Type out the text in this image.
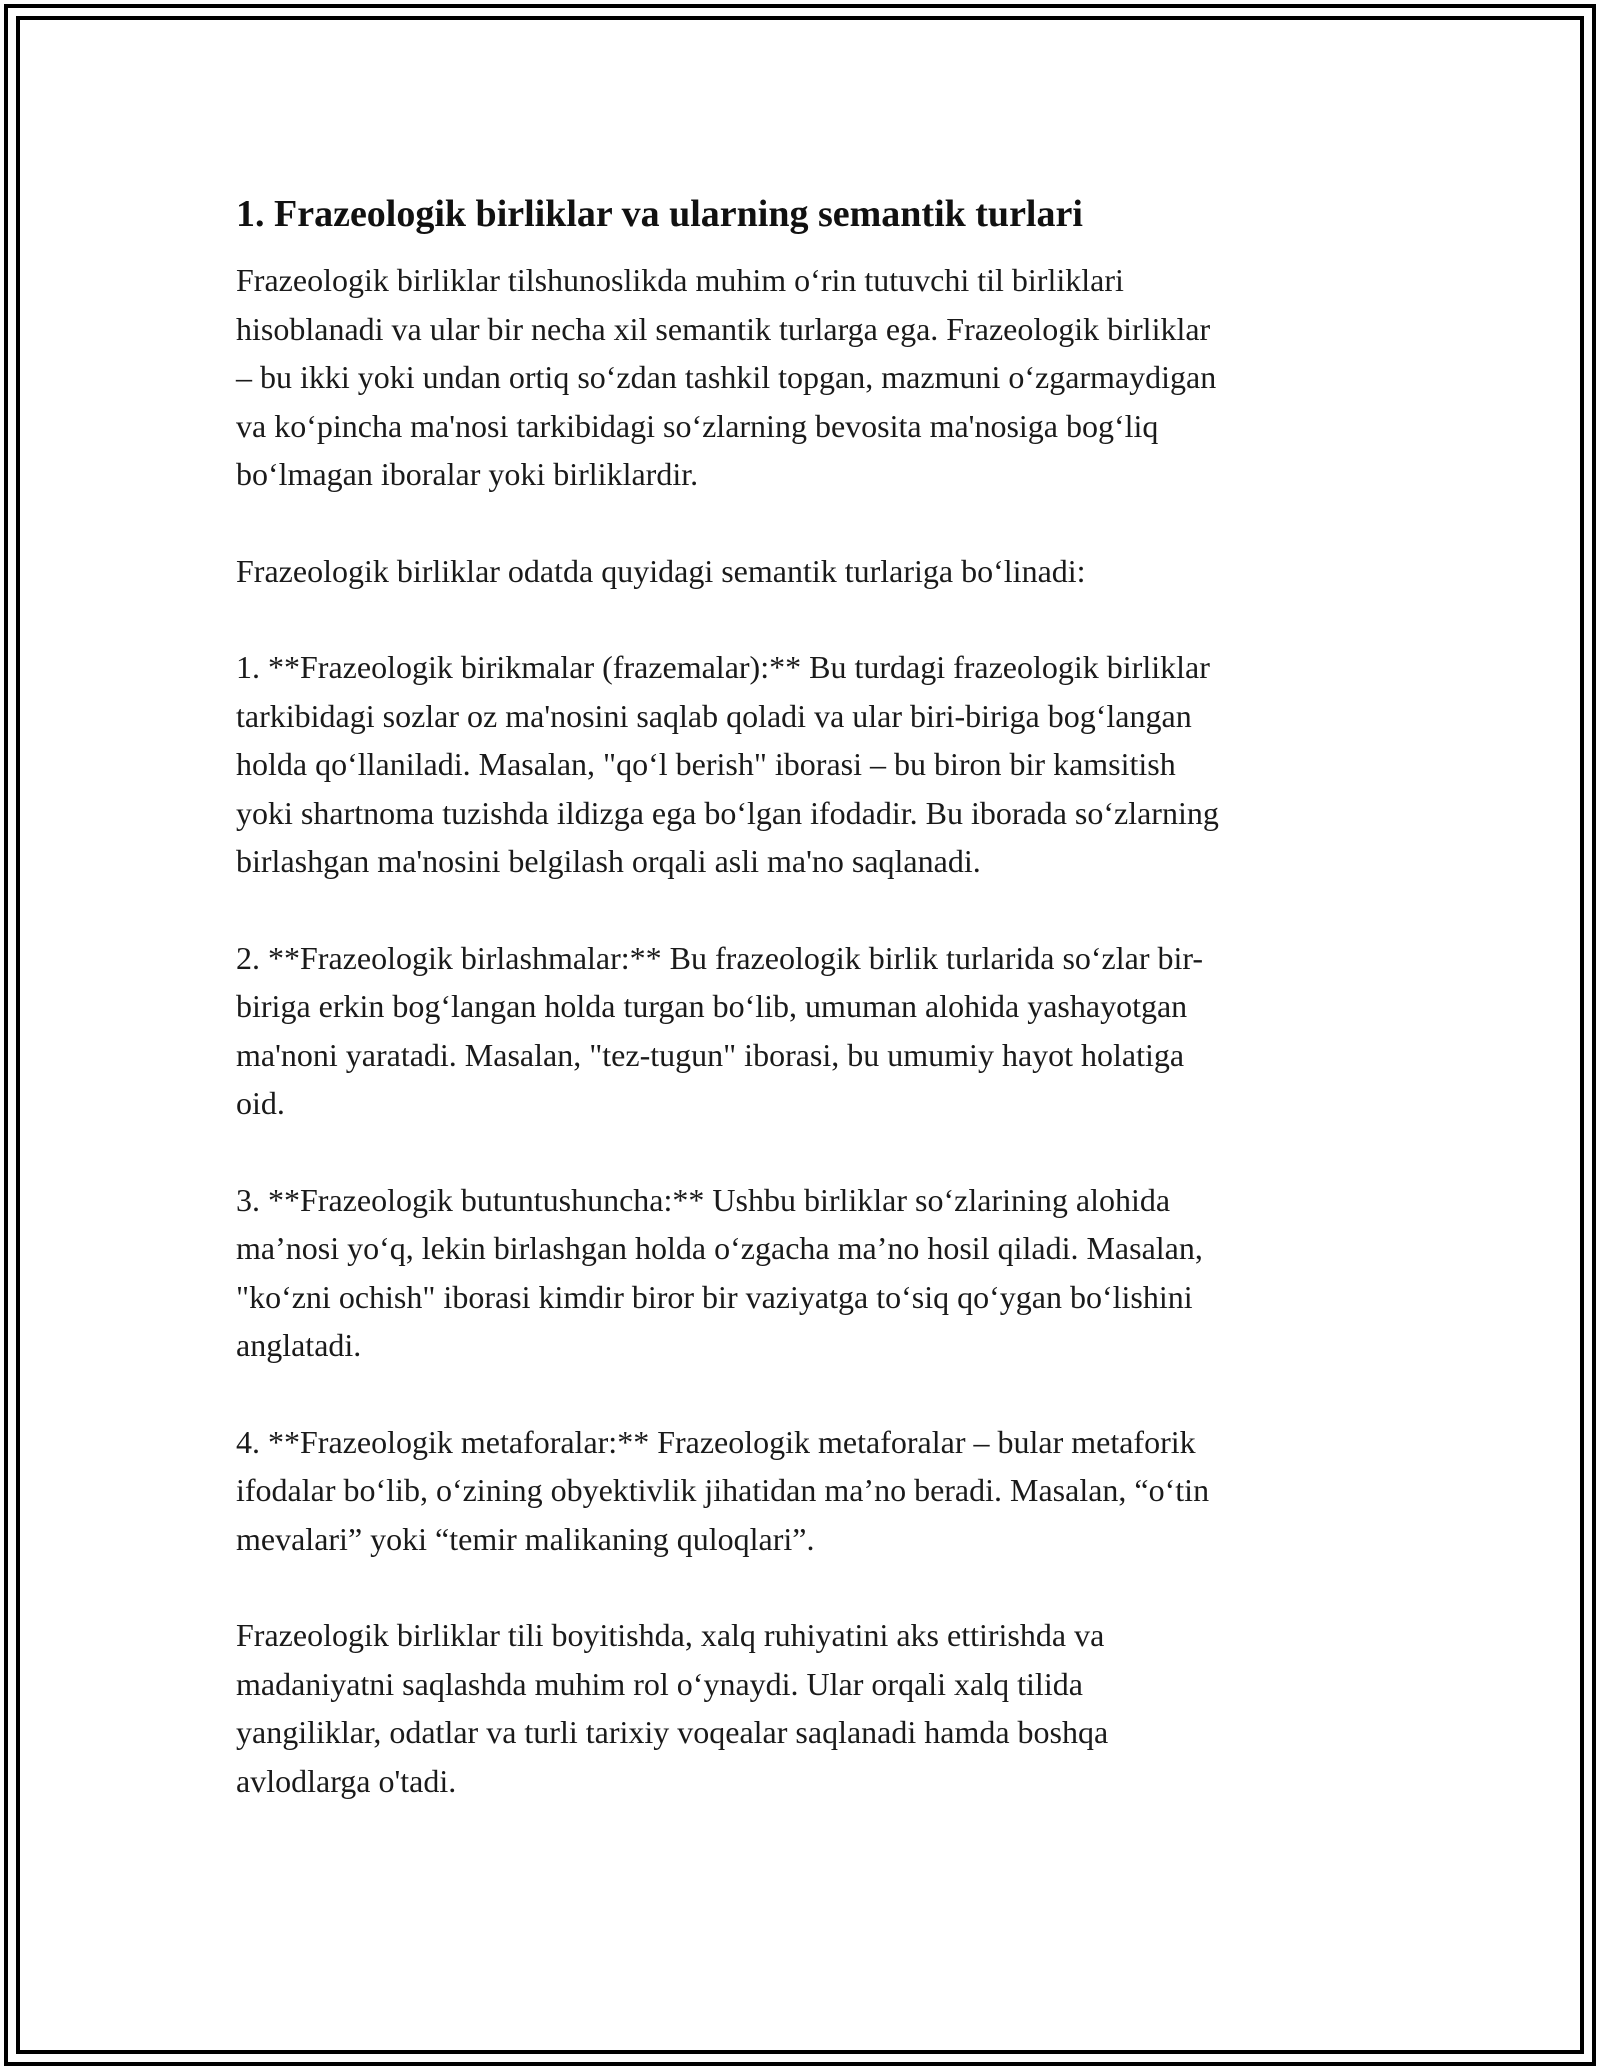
1. Frazeologik birliklar va ularning semantik turlari

Frazeologik birliklar tilshunoslikda muhim o‘rin tutuvchi til birliklari
hisoblanadi va ular bir necha xil semantik turlarga ega. Frazeologik birliklar
– bu ikki yoki undan ortiq so‘zdan tashkil topgan, mazmuni o‘zgarmaydigan
va ko‘pincha ma'nosi tarkibidagi so‘zlarning bevosita ma'nosiga bog‘liq
bo‘lmagan iboralar yoki birliklardir.

Frazeologik birliklar odatda quyidagi semantik turlariga bo‘linadi:

1. **Frazeologik birikmalar (frazemalar):** Bu turdagi frazeologik birliklar
tarkibidagi sozlar oz ma'nosini saqlab qoladi va ular biri-biriga bog‘langan
holda qo‘llaniladi. Masalan, "qo‘l berish" iborasi – bu biron bir kamsitish
yoki shartnoma tuzishda ildizga ega bo‘lgan ifodadir. Bu iborada so‘zlarning
birlashgan ma'nosini belgilash orqali asli ma'no saqlanadi.

2. **Frazeologik birlashmalar:** Bu frazeologik birlik turlarida so‘zlar bir-
biriga erkin bog‘langan holda turgan bo‘lib, umuman alohida yashayotgan
ma'noni yaratadi. Masalan, "tez-tugun" iborasi, bu umumiy hayot holatiga
oid.

3. **Frazeologik butuntushuncha:** Ushbu birliklar so‘zlarining alohida
ma’nosi yo‘q, lekin birlashgan holda o‘zgacha ma’no hosil qiladi. Masalan,
"ko‘zni ochish" iborasi kimdir biror bir vaziyatga to‘siq qo‘ygan bo‘lishini
anglatadi.

4. **Frazeologik metaforalar:** Frazeologik metaforalar – bular metaforik
ifodalar bo‘lib, o‘zining obyektivlik jihatidan ma’no beradi. Masalan, “o‘tin
mevalari” yoki “temir malikaning quloqlari”.

Frazeologik birliklar tili boyitishda, xalq ruhiyatini aks ettirishda va
madaniyatni saqlashda muhim rol o‘ynaydi. Ular orqali xalq tilida
yangiliklar, odatlar va turli tarixiy voqealar saqlanadi hamda boshqa
avlodlarga o'tadi.
